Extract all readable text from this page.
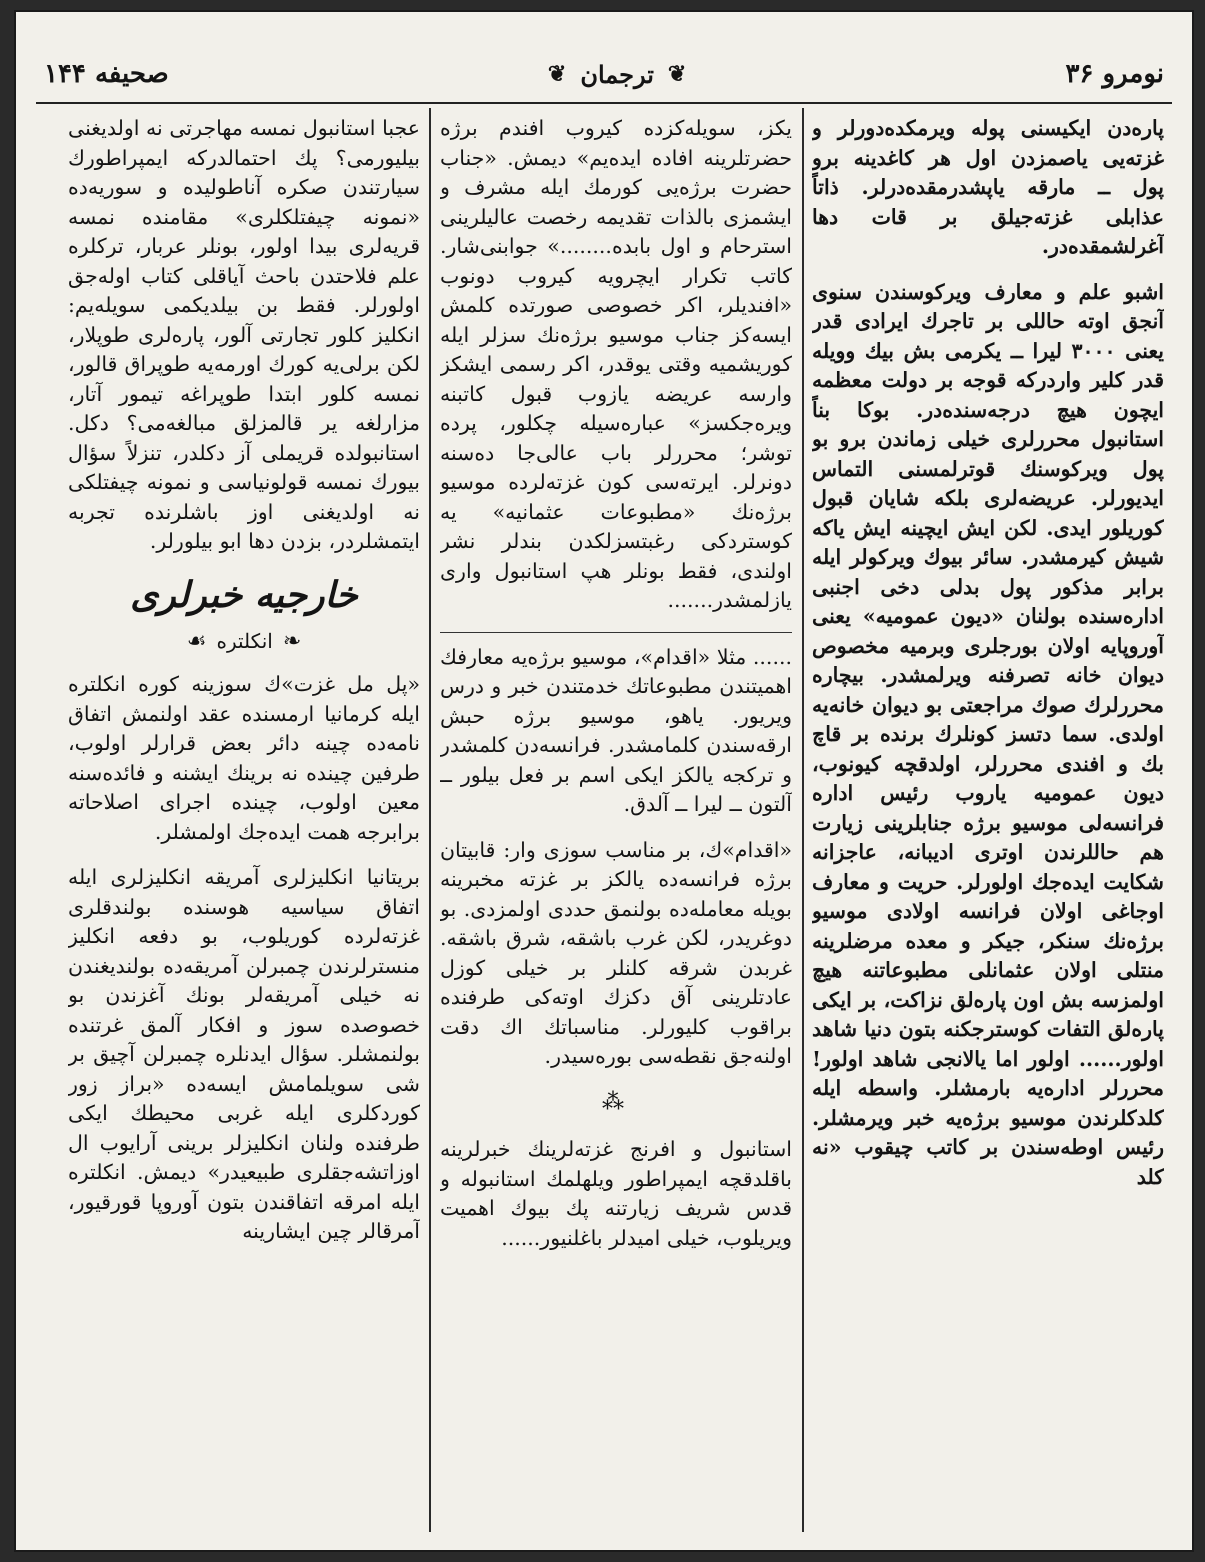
نومرو ۳۶
❦
ترجمان
❦
صحيفه ۱۴۴

پاره‌دن ايكيسنى پوله ويرمكده‌دورلر و غزته‌يى ياصمزدن اول هر كاغدينه برو پول ــ مارقه ياپشدرمقده‌درلر. ذاتاً عذابلى غزته‌جيلق بر قات دها آغرلشمقده‌در.

اشبو علم و معارف ويركوسندن سنوى آنجق اوته حاللى بر تاجرك ايرادى قدر يعنى ۳۰۰۰ ليرا ــ يكرمى بش بيك وويله قدر كلير واردركه قوجه بر دولت معظمه ايچون هيچ درجه‌سنده‌در. بوكا بناً استانبول محررلرى خيلى زماندن برو بو پول ويركوسنك قوترلمسنى التماس ايديورلر. عريضه‌لرى بلكه شايان قبول كوريلور ايدى. لكن ايش ايچينه ايش ياكه شيش كيرمشدر. سائر بيوك ويركولر ايله برابر مذكور پول بدلى دخى اجنبى اداره‌سنده بولنان «ديون عموميه» يعنى آوروپايه اولان بورجلرى وبرميه مخصوص ديوان خانه تصرفنه ويرلمشدر. بيچاره محررلرك صوك مراجعتى بو ديوان خانه‌يه اولدى. سما دتسز كونلرك برنده بر قاچ بك و افندى محررلر، اولدقچه كيونوب، ديون عموميه ياروب رئيس اداره فرانسه‌لى موسيو برژه جنابلرينى زيارت هم حاللرندن اوترى اديبانه، عاجزانه شكايت ايده‌جك اولورلر. حريت و معارف اوجاغى اولان فرانسه اولادى موسيو برژه‌نك سنكر، جيكر و معده مرضلرينه منتلى اولان عثمانلى مطبوعاتنه هيچ اولمزسه بش اون پاره‌لق نزاكت، بر ايكى پاره‌لق التفات كوسترجكنه بتون دنيا شاهد اولور...... اولور اما يالانجى شاهد اولور! محررلر اداره‌يه بارمشلر. واسطه ايله كلدكلرندن موسيو برژه‌يه خبر ويرمشلر. رئيس اوطه‌سندن بر كاتب چيقوب «نه كلد

يكز، سويله‌كزده كيروب افندم برژه حضرتلرينه افاده ايده‌يم» ديمش. «جناب حضرت برژه‌يى كورمك ايله مشرف و ايشمزى بالذات تقديمه رخصت عاليلرينى استرحام و اول بابده........» جوابنى‌شار. كاتب تكرار ايچرويه كيروب دونوب «افنديلر، اكر خصوصى صورتده كلمش ايسه‌كز جناب موسيو برژه‌نك سزلر ايله كوريشميه وقتى يوقدر، اكر رسمى ايشكز وارسه عريضه يازوب قبول كاتبنه ويره‌جكسز» عباره‌سيله چكلور، پرده توشر؛ محررلر باب عالى‌جا ده‌سنه دونرلر. ايرته‌سى كون غزته‌لرده موسيو برژه‌نك «مطبوعات عثمانيه» يه كوستردكى رغبتسزلكدن بندلر نشر اولندى، فقط بونلر هپ استانبول وارى يازلمشدر.......

...... مثلا «اقدام»، موسيو برژه‌يه معارفك اهميتندن مطبوعاتك خدمتندن خبر و درس ويريور. ياهو، موسيو برژه حبش ارقه‌سندن كلمامشدر. فرانسه‌دن كلمشدر و تركجه يالكز ايكى اسم بر فعل بيلور ــ آلتون ــ ليرا ــ آلدق.

«اقدام»ك، بر مناسب سوزى وار: قابيتان برژه فرانسه‌ده يالكز بر غزته مخبرينه بويله معامله‌ده بولنمق حددى اولمزدى. بو دوغريدر، لكن غرب باشقه، شرق باشقه. غربدن شرقه كلنلر بر خيلى كوزل عادتلرينى آق دكزك اوته‌كى طرفنده براقوب كليورلر. مناسباتك اك دقت اولنه‌جق نقطه‌سى بوره‌سيدر.

⁂

استانبول و افرنج غزته‌لرينك خبرلرينه باقلدقچه ايمپراطور ويلهلمك استانبوله و قدس شريف زيارتنه پك بيوك اهميت ويريلوب، خيلى اميدلر باغلنيور......

عجبا استانبول نمسه مهاجرتى نه اولديغنى بيليورمى؟ پك احتمالدركه ايمپراطورك سيارتندن صكره آناطوليده و سوريه‌ده «نمونه چيفتلكلرى» مقامنده نمسه قريه‌لرى بيدا اولور، بونلر عربار، تركلره علم فلاحتدن باحث آياقلى كتاب اوله‌جق اولورلر. فقط بن بيلديكمى سويله‌يم: انكليز كلور تجارتى آلور، پاره‌لرى طوپلار، لكن برلى‌يه كورك اورمه‌يه طوپراق قالور، نمسه كلور ابتدا طوپراغه تيمور آتار، مزارلغه ير قالمزلق مبالغه‌مى؟ دكل. استانبولده قريملى آز دكلدر، تنزلاً سؤال بيورك نمسه قولونياسى و نمونه چيفتلكى نه اولديغنى اوز باشلرنده تجربه ايتمشلردر، بزدن دها ابو بيلورلر.

خارجيه خبرلرى
❧
انكلتره
☙

«پل مل غزت»ك سوزينه كوره انكلتره ايله كرمانيا ارمسنده عقد اولنمش اتفاق نامه‌ده چينه دائر بعض قرارلر اولوب، طرفين چينده نه برينك ايشنه و فائده‌سنه معين اولوب، چينده اجراى اصلاحاته برابرجه همت ايده‌جك اولمشلر.

بريتانيا انكليزلرى آمريقه انكليزلرى ايله اتفاق سياسيه هوسنده بولندقلرى غزته‌لرده كوريلوب، بو دفعه انكليز منسترلرندن چمبرلن آمريقه‌ده بولنديغندن نه خيلى آمريقه‌لر بونك آغزندن بو خصوصده سوز و افكار آلمق غرتنده بولنمشلر. سؤال ايدنلره چمبرلن آچيق بر شى سويلمامش ايسه‌ده «براز زور كوردكلرى ايله غربى محيطك ايكى طرفنده ولنان انكليزلر برينى آرايوب ال اوزاتشه‌جقلرى طبيعيدر» ديمش. انكلتره ايله امرقه اتفاقندن بتون آوروپا قورقيور، آمرقالر چين ايشارينه
